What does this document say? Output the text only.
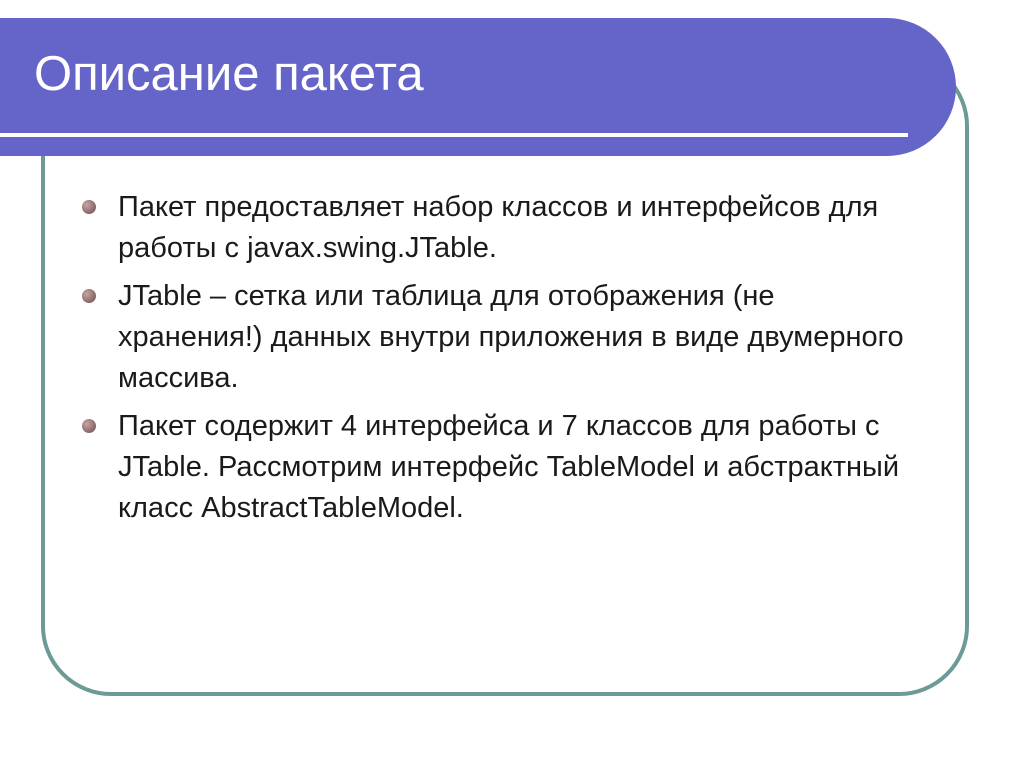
Описание пакета
Пакет предоставляет набор классов и интерфейсов для работы с javax.swing.JTable.
JTable – сетка или таблица для отображения (не хранения!) данных внутри приложения в виде двумерного массива.
Пакет содержит 4 интерфейса и 7 классов для работы с JTable. Рассмотрим интерфейс TableModel и абстрактный класс AbstractTableModel.
